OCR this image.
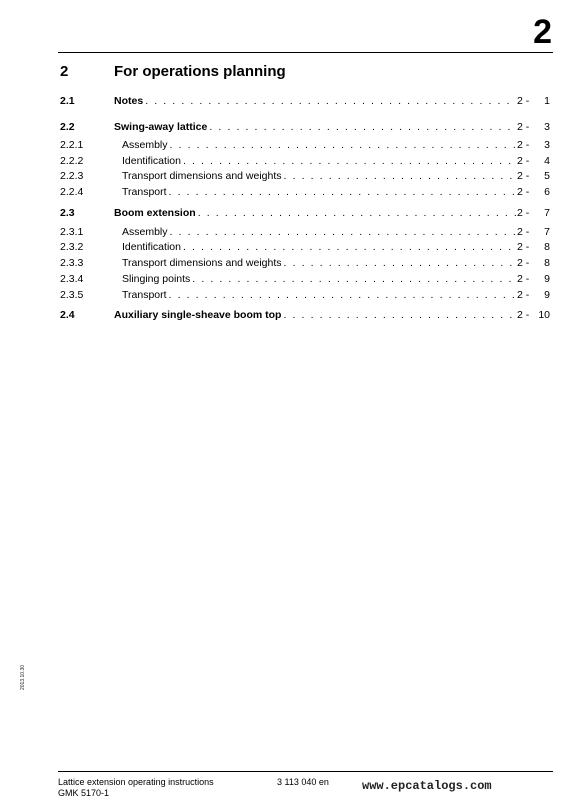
2
2	For operations planning
2.1	Notes . . .	2 -	1
2.2	Swing-away lattice . . .	2 -	3
2.2.1	Assembly . . .	2 -	3
2.2.2	Identification . . .	2 -	4
2.2.3	Transport dimensions and weights . . .	2 -	5
2.2.4	Transport . . .	2 -	6
2.3	Boom extension . . .	2 -	7
2.3.1	Assembly . . .	2 -	7
2.3.2	Identification . . .	2 -	8
2.3.3	Transport dimensions and weights . . .	2 -	8
2.3.4	Slinging points . . .	2 -	9
2.3.5	Transport . . .	2 -	9
2.4	Auxiliary single-sheave boom top . . .	2 - 10
2013.10.30
Lattice extension operating instructions
GMK 5170-1
3 113 040 en	www.epcatalogs.com
